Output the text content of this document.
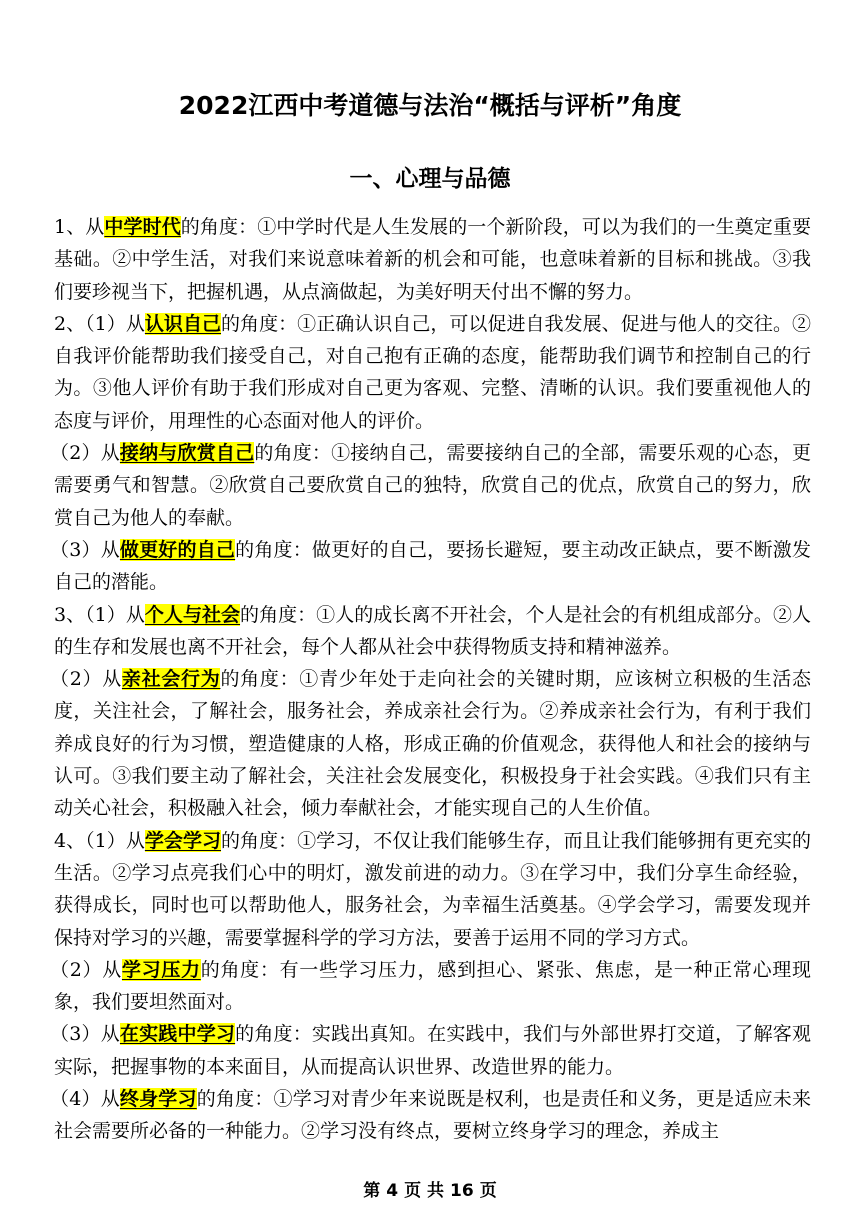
2022江西中考道德与法治“概括与评析”角度
一、心理与品德

1、从中学时代的角度：①中学时代是人生发展的一个新阶段，可以为我们的一生奠定重要基础。②中学生活，对我们来说意味着新的机会和可能，也意味着新的目标和挑战。③我们要珍视当下，把握机遇，从点滴做起，为美好明天付出不懈的努力。

2、（1）从认识自己的角度：①正确认识自己，可以促进自我发展、促进与他人的交往。②自我评价能帮助我们接受自己，对自己抱有正确的态度，能帮助我们调节和控制自己的行为。③他人评价有助于我们形成对自己更为客观、完整、清晰的认识。我们要重视他人的态度与评价，用理性的心态面对他人的评价。

（2）从接纳与欣赏自己的角度：①接纳自己，需要接纳自己的全部，需要乐观的心态，更需要勇气和智慧。②欣赏自己要欣赏自己的独特，欣赏自己的优点，欣赏自己的努力，欣赏自己为他人的奉献。

（3）从做更好的自己的角度：做更好的自己，要扬长避短，要主动改正缺点，要不断激发自己的潜能。

3、（1）从个人与社会的角度：①人的成长离不开社会，个人是社会的有机组成部分。②人的生存和发展也离不开社会，每个人都从社会中获得物质支持和精神滋养。

（2）从亲社会行为的角度：①青少年处于走向社会的关键时期，应该树立积极的生活态度，关注社会，了解社会，服务社会，养成亲社会行为。②养成亲社会行为，有利于我们养成良好的行为习惯，塑造健康的人格，形成正确的价值观念，获得他人和社会的接纳与认可。③我们要主动了解社会，关注社会发展变化，积极投身于社会实践。④我们只有主动关心社会，积极融入社会，倾力奉献社会，才能实现自己的人生价值。

4、（1）从学会学习的角度：①学习，不仅让我们能够生存，而且让我们能够拥有更充实的生活。②学习点亮我们心中的明灯，激发前进的动力。③在学习中，我们分享生命经验，获得成长，同时也可以帮助他人，服务社会，为幸福生活奠基。④学会学习，需要发现并保持对学习的兴趣，需要掌握科学的学习方法，要善于运用不同的学习方式。

（2）从学习压力的角度：有一些学习压力，感到担心、紧张、焦虑，是一种正常心理现象，我们要坦然面对。

（3）从在实践中学习的角度：实践出真知。在实践中，我们与外部世界打交道，了解客观实际，把握事物的本来面目，从而提高认识世界、改造世界的能力。

（4）从终身学习的角度：①学习对青少年来说既是权利，也是责任和义务，更是适应未来社会需要所必备的一种能力。②学习没有终点，要树立终身学习的理念，养成主

第 4 页 共 16 页
